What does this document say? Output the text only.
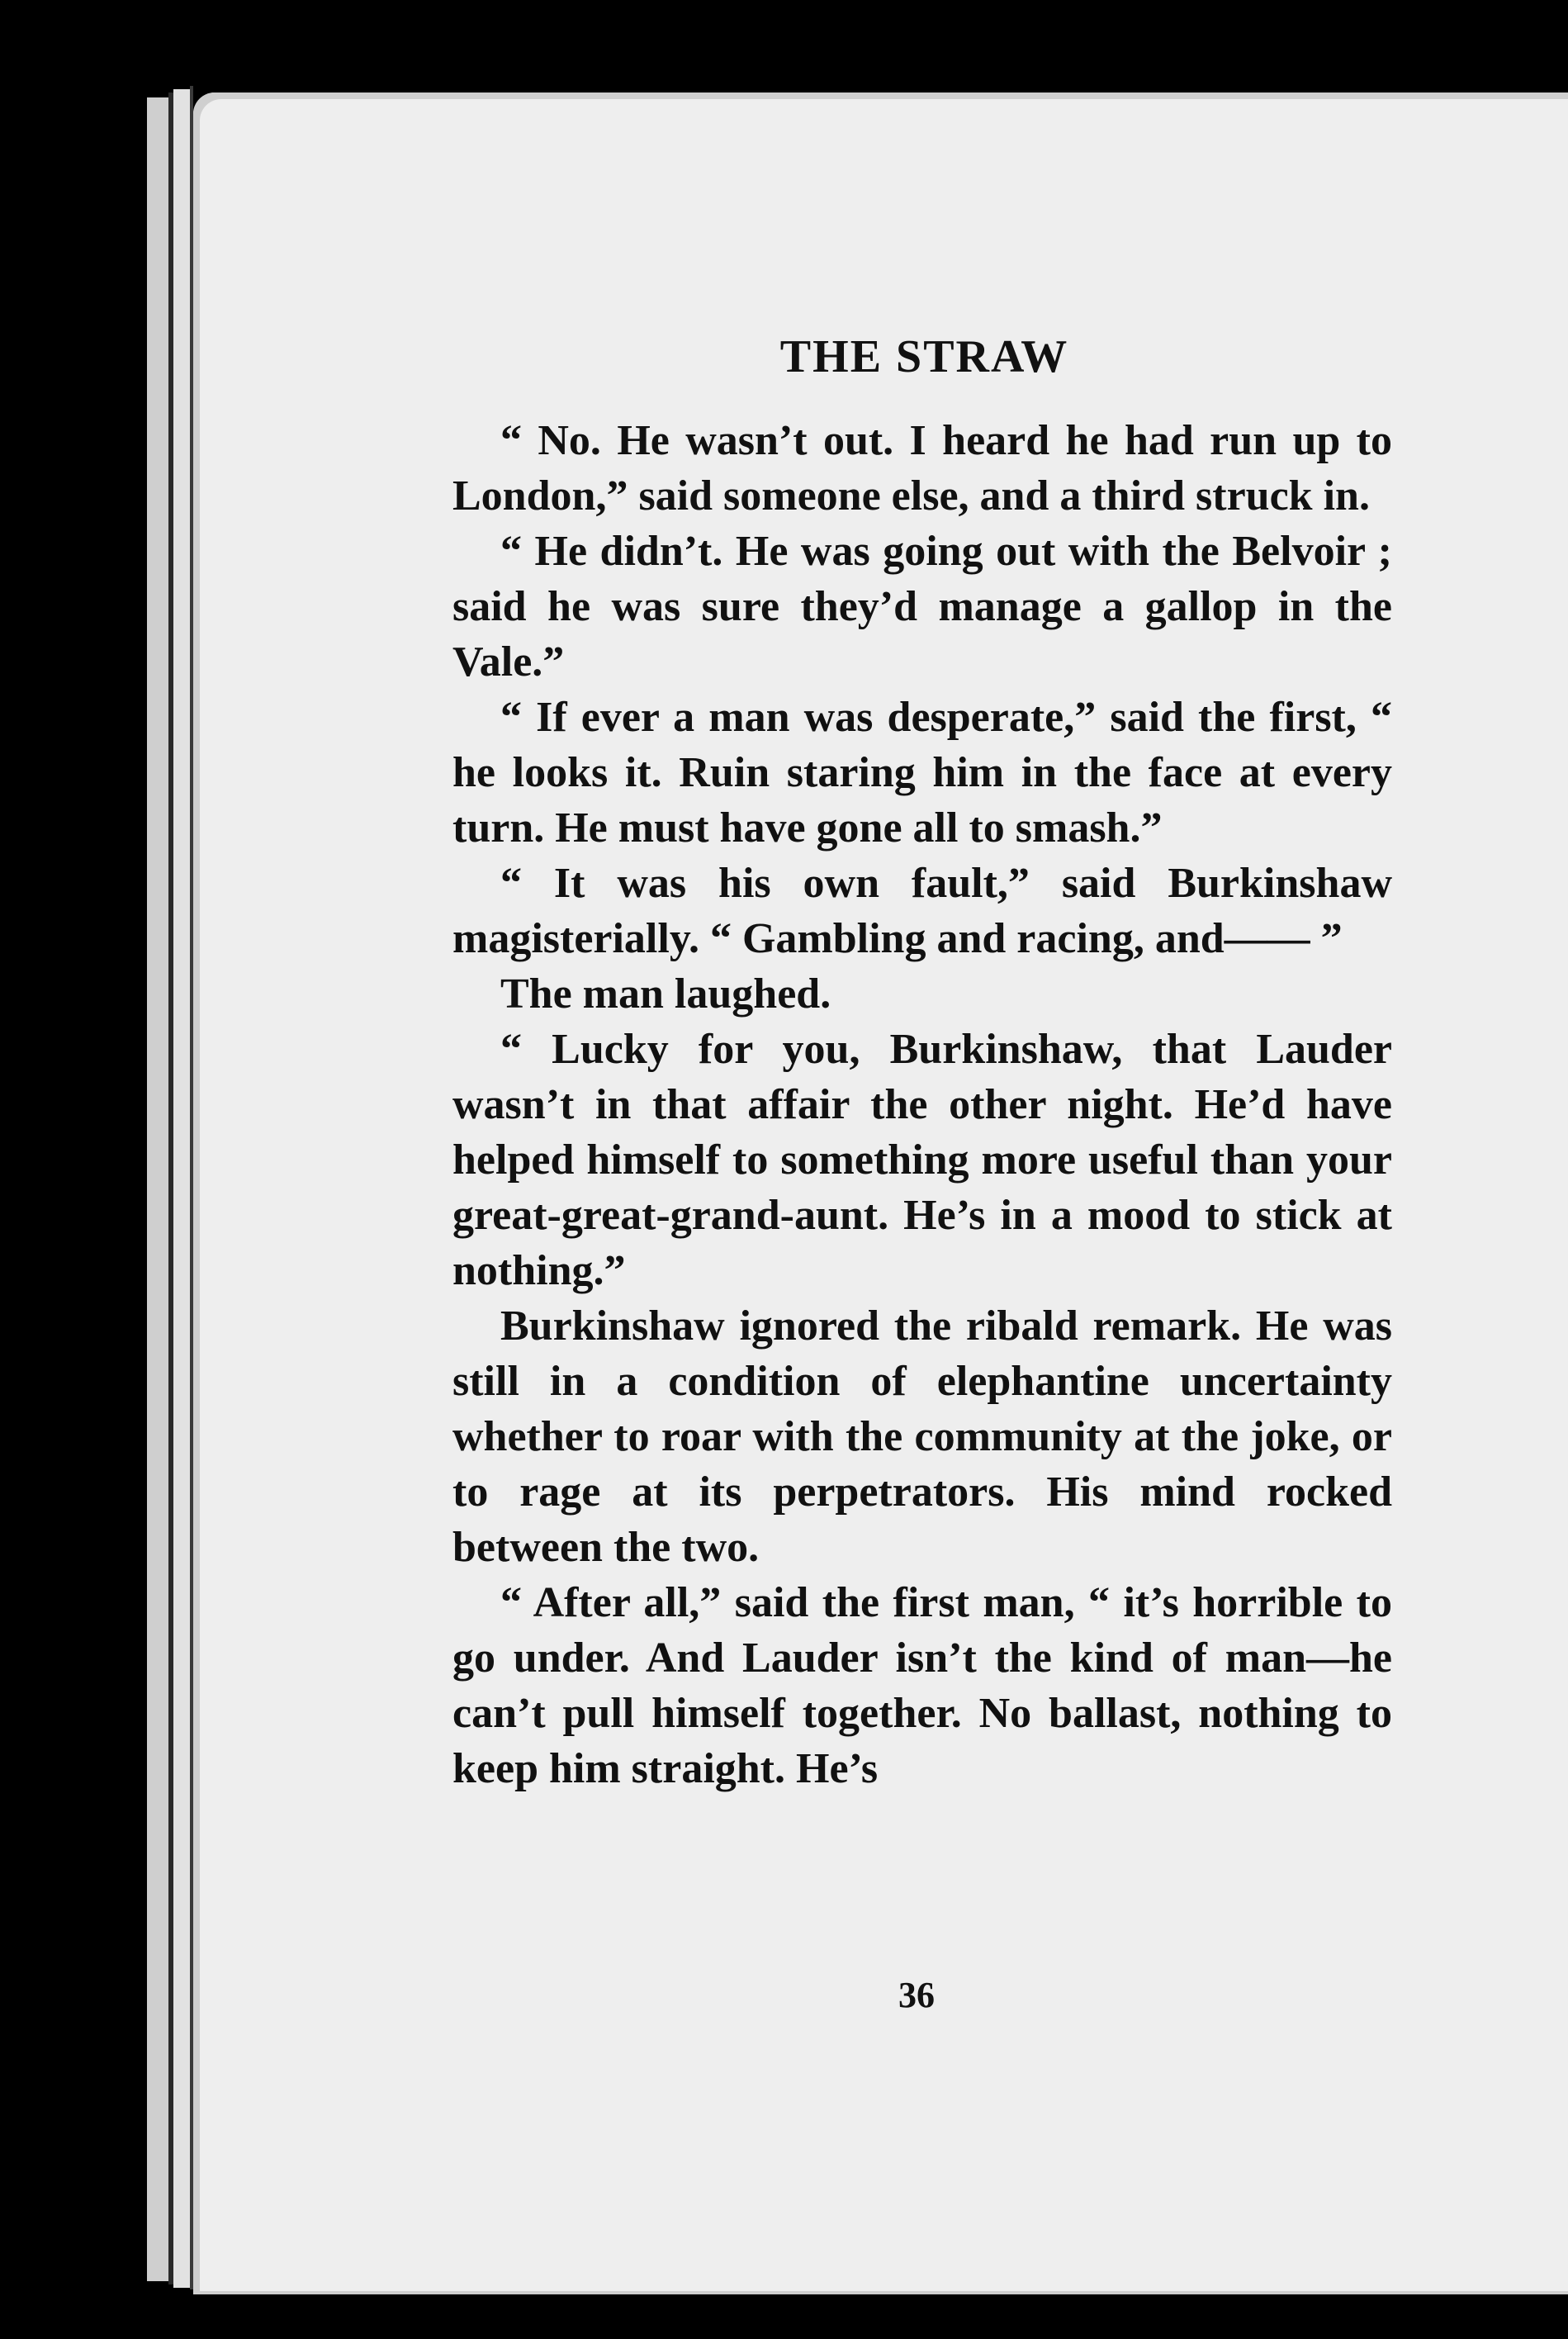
THE STRAW

“ No. He wasn’t out. I heard he had run up to London,” said someone else, and a third struck in.

“ He didn’t. He was going out with the Belvoir ; said he was sure they’d manage a gallop in the Vale.”

“ If ever a man was desperate,” said the first, “ he looks it. Ruin staring him in the face at every turn. He must have gone all to smash.”

“ It was his own fault,” said Burkinshaw magisterially. “ Gambling and racing, and—— ”

The man laughed.

“ Lucky for you, Burkinshaw, that Lauder wasn’t in that affair the other night. He’d have helped himself to something more useful than your great-great-grand-aunt. He’s in a mood to stick at nothing.”

Burkinshaw ignored the ribald remark. He was still in a condition of elephantine uncertainty whether to roar with the community at the joke, or to rage at its perpetrators. His mind rocked between the two.

“ After all,” said the first man, “ it’s horrible to go under. And Lauder isn’t the kind of man—he can’t pull himself together. No ballast, nothing to keep him straight. He’s

36
